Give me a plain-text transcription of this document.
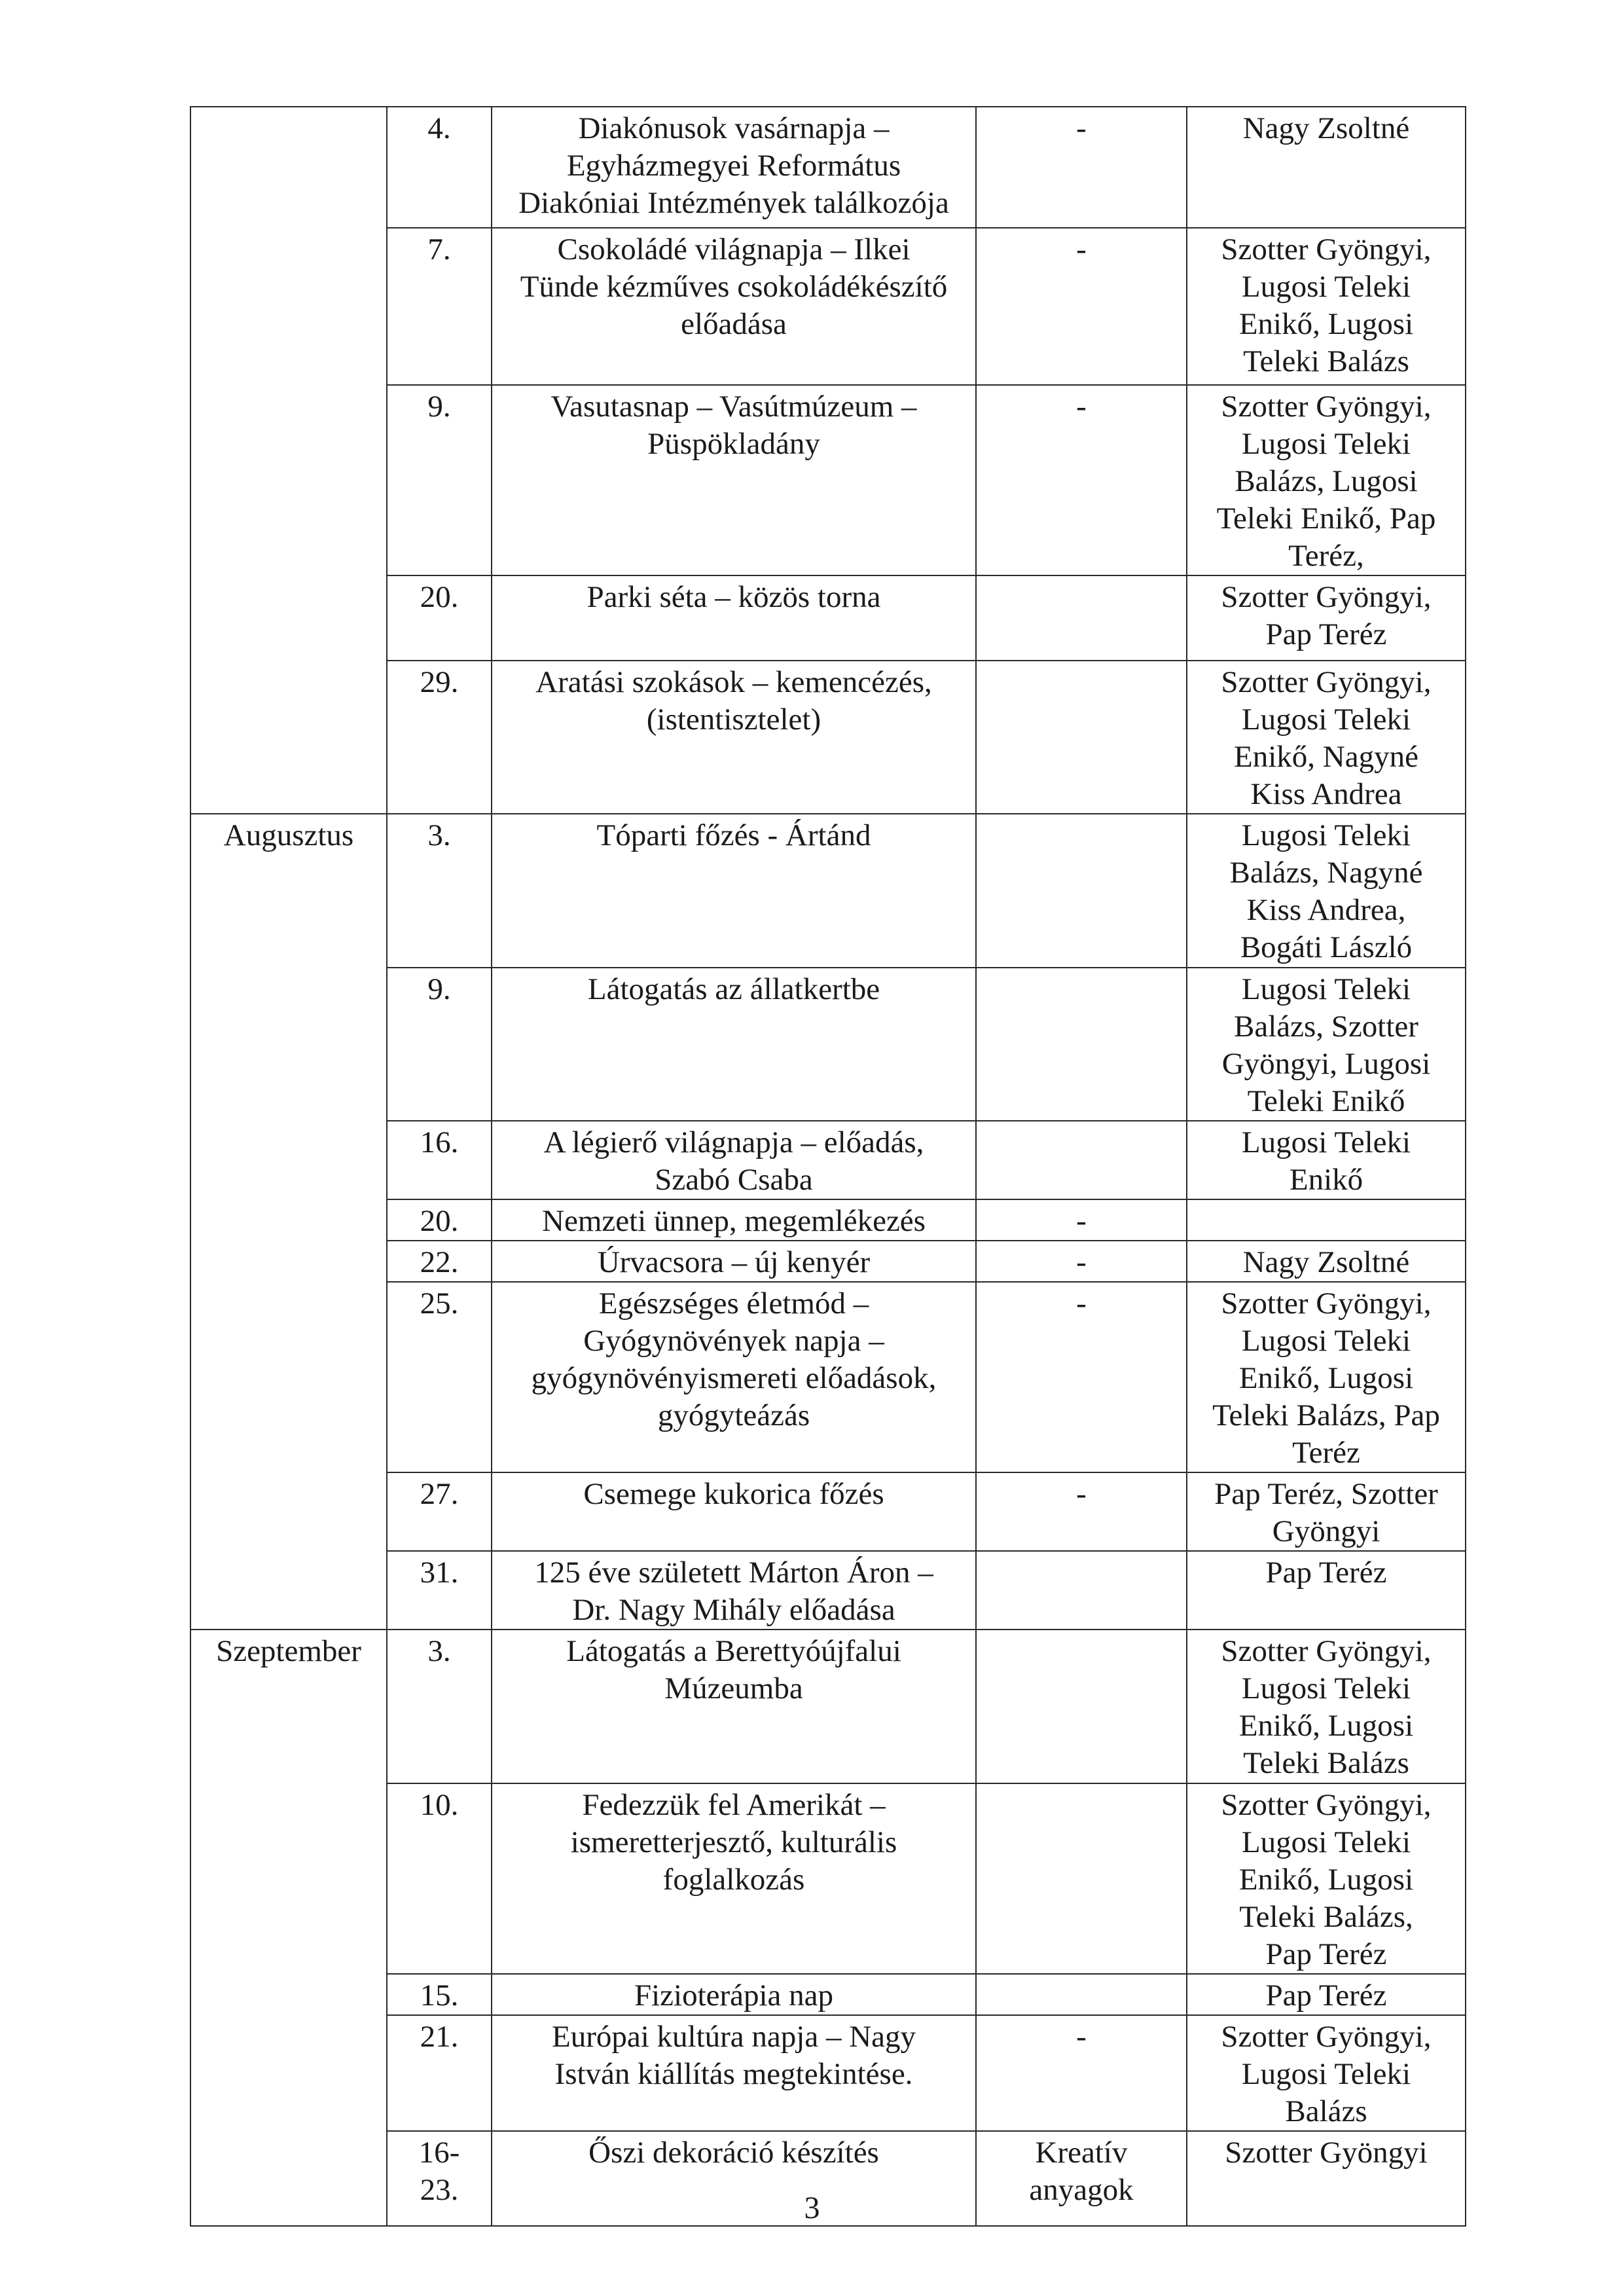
	4.	Diakónusok vasárnapja –
Egyházmegyei Református
Diakóniai Intézmények találkozója	-	Nagy Zsoltné
	7.	Csokoládé világnapja – Ilkei
Tünde kézműves csokoládékészítő
előadása	-	Szotter Gyöngyi,
Lugosi Teleki
Enikő, Lugosi
Teleki Balázs
	9.	Vasutasnap – Vasútmúzeum –
Püspökladány	-	Szotter Gyöngyi,
Lugosi Teleki
Balázs, Lugosi
Teleki Enikő, Pap
Teréz,
	20.	Parki séta – közös torna		Szotter Gyöngyi,
Pap Teréz
	29.	Aratási szokások – kemencézés,
(istentisztelet)		Szotter Gyöngyi,
Lugosi Teleki
Enikő, Nagyné
Kiss Andrea
Augusztus	3.	Tóparti főzés - Ártánd		Lugosi Teleki
Balázs, Nagyné
Kiss Andrea,
Bogáti László
	9.	Látogatás az állatkertbe		Lugosi Teleki
Balázs, Szotter
Gyöngyi, Lugosi
Teleki Enikő
	16.	A légierő világnapja – előadás,
Szabó Csaba		Lugosi Teleki
Enikő
	20.	Nemzeti ünnep, megemlékezés	-	
	22.	Úrvacsora – új kenyér	-	Nagy Zsoltné
	25.	Egészséges életmód –
Gyógynövények napja –
gyógynövényismereti előadások,
gyógyteázás	-	Szotter Gyöngyi,
Lugosi Teleki
Enikő, Lugosi
Teleki Balázs, Pap
Teréz
	27.	Csemege kukorica főzés	-	Pap Teréz, Szotter
Gyöngyi
	31.	125 éve született Márton Áron –
Dr. Nagy Mihály előadása		Pap Teréz
Szeptember	3.	Látogatás a Berettyóújfalui
Múzeumba		Szotter Gyöngyi,
Lugosi Teleki
Enikő, Lugosi
Teleki Balázs
	10.	Fedezzük fel Amerikát –
ismeretterjesztő, kulturális
foglalkozás		Szotter Gyöngyi,
Lugosi Teleki
Enikő, Lugosi
Teleki Balázs,
Pap Teréz
	15.	Fizioterápia nap		Pap Teréz
	21.	Európai kultúra napja – Nagy
István kiállítás megtekintése.	-	Szotter Gyöngyi,
Lugosi Teleki
Balázs
	16-
23.	Őszi dekoráció készítés	Kreatív
anyagok	Szotter Gyöngyi
3
